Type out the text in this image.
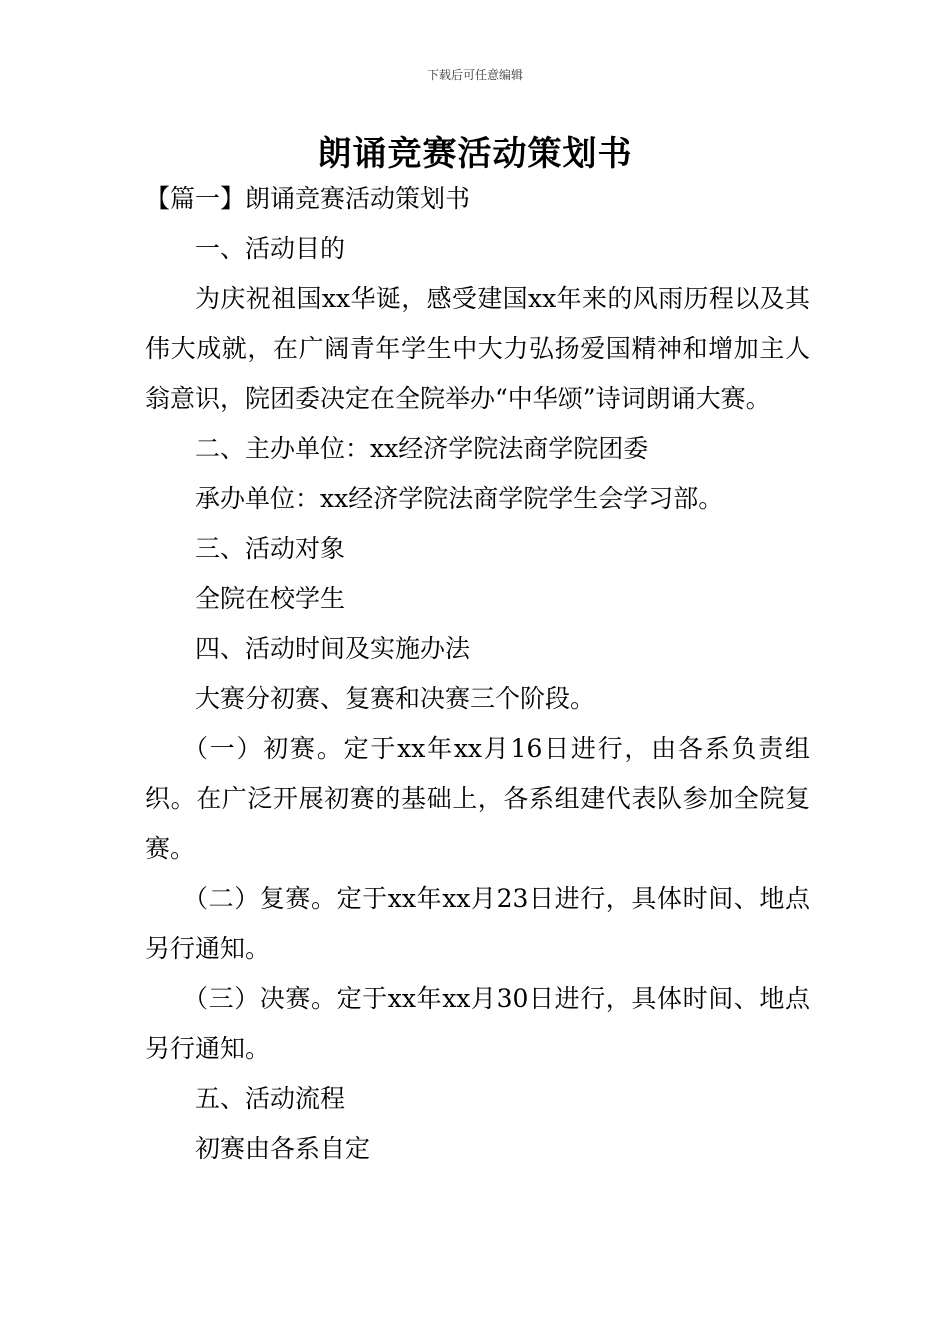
下载后可任意编辑
朗诵竞赛活动策划书

【篇一】朗诵竞赛活动策划书

一、活动目的

为庆祝祖国xx华诞，感受建国xx年来的风雨历程以及其伟大成就，在广阔青年学生中大力弘扬爱国精神和增加主人翁意识，院团委决定在全院举办“中华颂”诗词朗诵大赛。

二、主办单位：xx经济学院法商学院团委

承办单位：xx经济学院法商学院学生会学习部。

三、活动对象

全院在校学生

四、活动时间及实施办法

大赛分初赛、复赛和决赛三个阶段。

（一）初赛。定于xx年xx月16日进行，由各系负责组织。在广泛开展初赛的基础上，各系组建代表队参加全院复赛。

（二）复赛。定于xx年xx月23日进行，具体时间、地点另行通知。

（三）决赛。定于xx年xx月30日进行，具体时间、地点另行通知。

五、活动流程

初赛由各系自定
